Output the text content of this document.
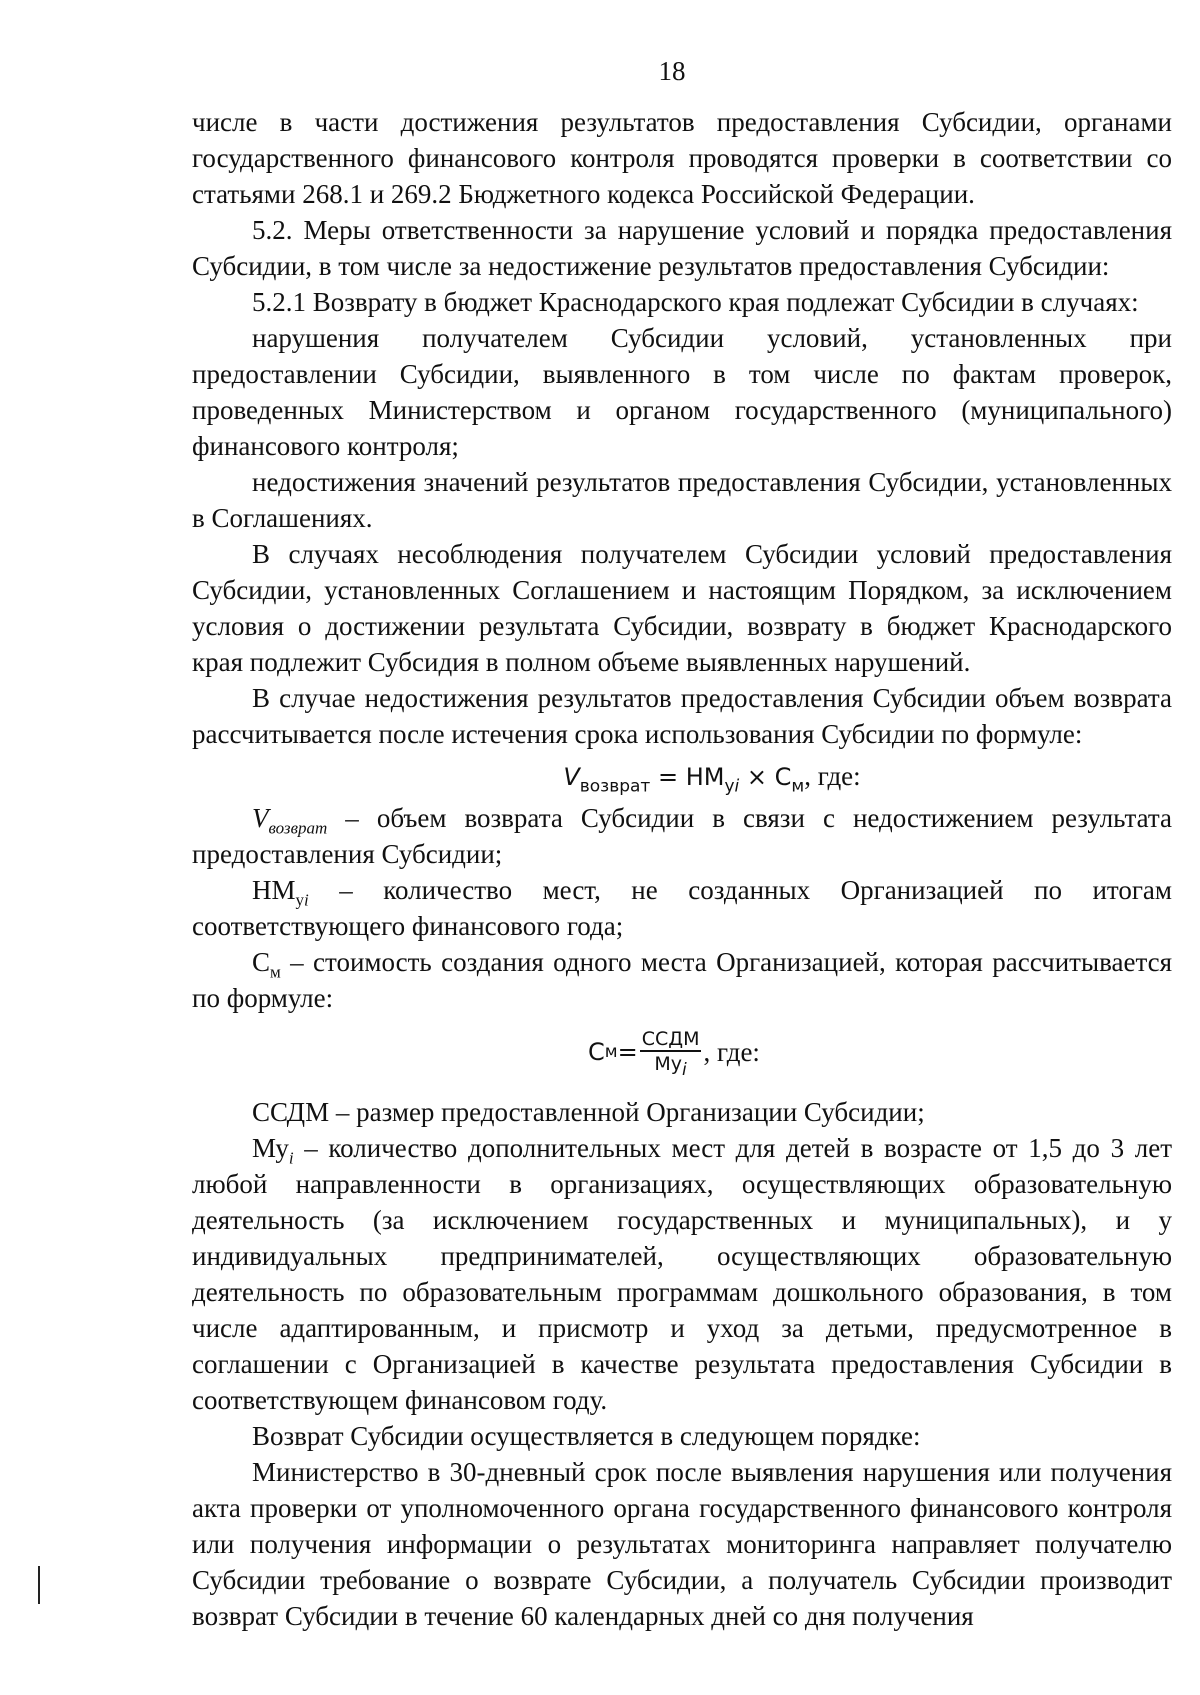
18

числе в части достижения результатов предоставления Субсидии, органами государственного финансового контроля проводятся проверки в соответствии со статьями 268.1 и 269.2 Бюджетного кодекса Российской Федерации.

5.2. Меры ответственности за нарушение условий и порядка предоставления Субсидии, в том числе за недостижение результатов предоставления Субсидии:

5.2.1 Возврату в бюджет Краснодарского края подлежат Субсидии в случаях:

нарушения получателем Субсидии условий, установленных при предоставлении Субсидии, выявленного в том числе по фактам проверок, проведенных Министерством и органом государственного (муниципального) финансового контроля;

недостижения значений результатов предоставления Субсидии, установленных в Соглашениях.

В случаях несоблюдения получателем Субсидии условий предоставления Субсидии, установленных Соглашением и настоящим Порядком, за исключением условия о достижении результата Субсидии, возврату в бюджет Краснодарского края подлежит Субсидия в полном объеме выявленных нарушений.

В случае недостижения результатов предоставления Субсидии объем возврата рассчитывается после истечения срока использования Субсидии по формуле:

$V_{возврат} = НМ_{уi} \times С_м$, где:

$V_{возврат}$ – объем возврата Субсидии в связи с недостижением результата предоставления Субсидии;

$НМ_{уi}$ – количество мест, не созданных Организацией по итогам соответствующего финансового года;

$С_м$ – стоимость создания одного места Организацией, которая рассчитывается по формуле:

С $м = \frac{\text{ССДМ}}{Му_i}$ , где:

ССДМ – размер предоставленной Организации Субсидии;

$Му_i$ – количество дополнительных мест для детей в возрасте от 1,5 до 3 лет любой направленности в организациях, осуществляющих образовательную деятельность (за исключением государственных и муниципальных), и у индивидуальных предпринимателей, осуществляющих образовательную деятельность по образовательным программам дошкольного образования, в том числе адаптированным, и присмотр и уход за детьми, предусмотренное в соглашении с Организацией в качестве результата предоставления Субсидии в соответствующем финансовом году.

Возврат Субсидии осуществляется в следующем порядке:

Министерство в 30-дневный срок после выявления нарушения или получения акта проверки от уполномоченного органа государственного финансового контроля или получения информации о результатах мониторинга направляет получателю Субсидии требование о возврате Субсидии, а получатель Субсидии производит возврат Субсидии в течение 60 календарных дней со дня получения
